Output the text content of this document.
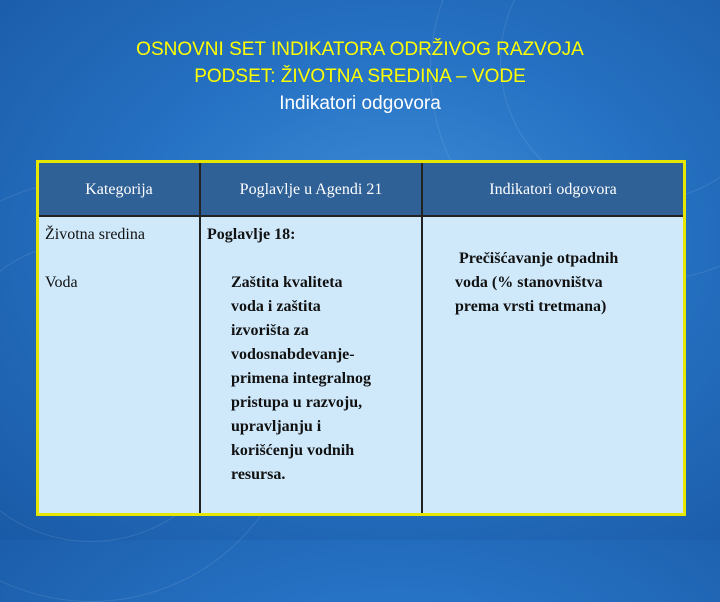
OSNOVNI SET INDIKATORA ODRŽIVOG RAZVOJA
PODSET: ŽIVOTNA SREDINA – VODE
Indikatori odgovora
Kategorija	Poglavlje u Agendi 21	Indikatori odgovora
Životna sredina
Voda
Poglavlje 18:
Zaštita kvaliteta
voda i zaštita
izvorišta za
vodosnabdevanje-
primena integralnog
pristupa u razvoju,
upravljanju i
korišćenju vodnih
resursa.
Prečišćavanje otpadnih
voda (% stanovništva
prema vrsti tretmana)
